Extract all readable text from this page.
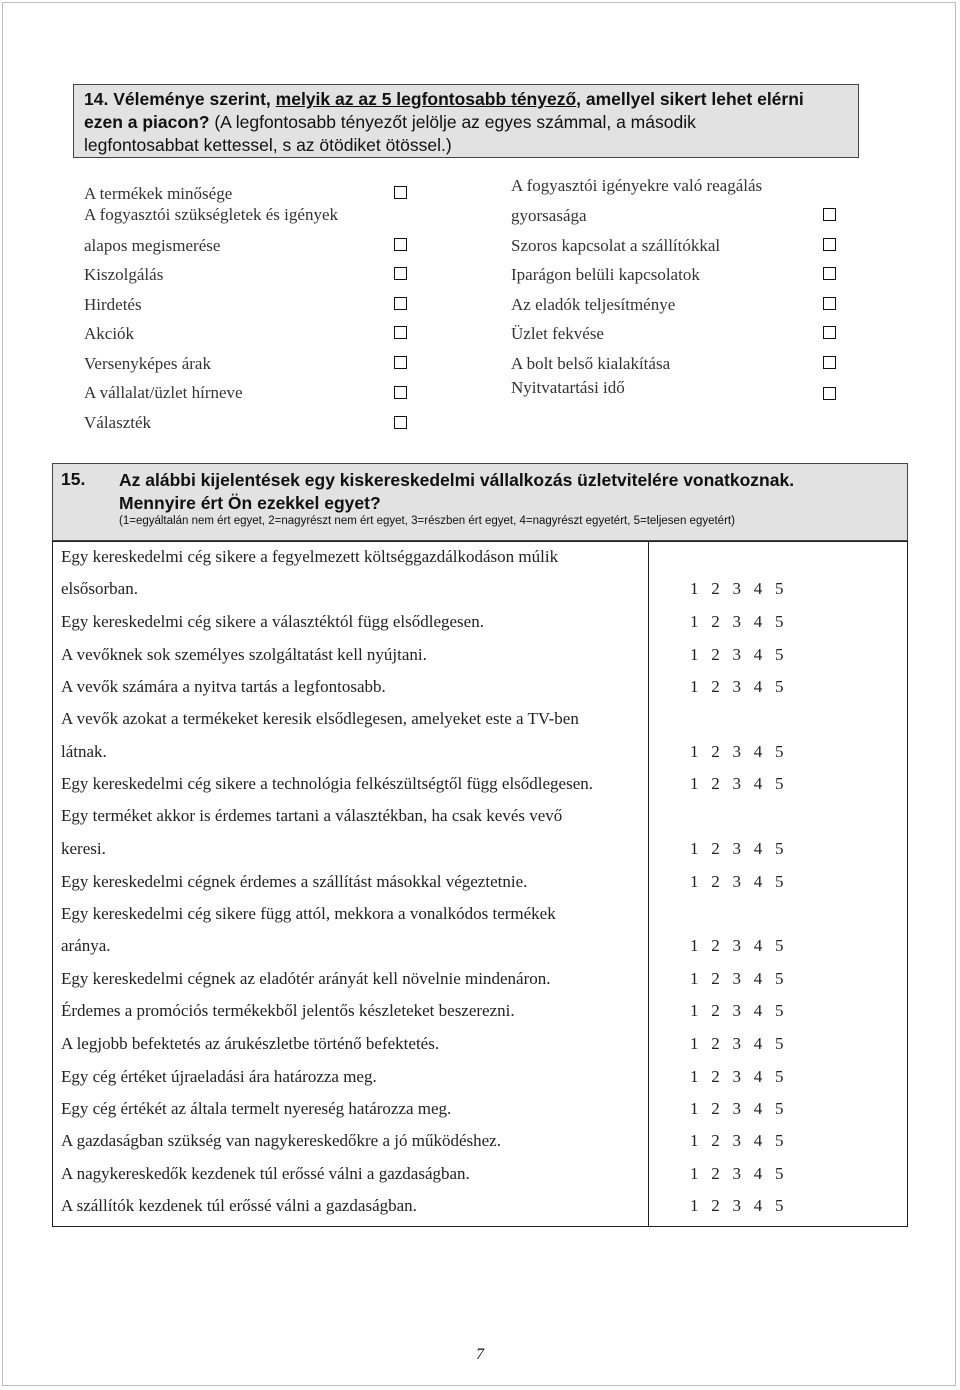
14. Véleménye szerint, melyik az az 5 legfontosabb tényező, amellyel sikert lehet elérni
ezen a piacon? (A legfontosabb tényezőt jelölje az egyes számmal, a második
legfontosabbat kettessel, s az ötödiket ötössel.)
A termékek minősége
A fogyasztói szükségletek és igények
alapos megismerése
Kiszolgálás
Hirdetés
Akciók
Versenyképes árak
A vállalat/üzlet hírneve
Választék
A fogyasztói igényekre való reagálás
gyorsasága
Szoros kapcsolat a szállítókkal
Iparágon belüli kapcsolatok
Az eladók teljesítménye
Üzlet fekvése
A bolt belső kialakítása
Nyitvatartási idő
15. Az alábbi kijelentések egy kiskereskedelmi vállalkozás üzletvitelére vonatkoznak.
Mennyire ért Ön ezekkel egyet?
(1=egyáltalán nem ért egyet, 2=nagyrészt nem ért egyet, 3=részben ért egyet, 4=nagyrészt egyetért, 5=teljesen egyetért)
Egy kereskedelmi cég sikere a fegyelmezett költséggazdálkodáson múlik
elsősorban.	1   2   3   4   5
Egy kereskedelmi cég sikere a választéktól függ elsődlegesen.	1   2   3   4   5
A vevőknek sok személyes szolgáltatást kell nyújtani.	1   2   3   4   5
A vevők számára a nyitva tartás a legfontosabb.	1   2   3   4   5
A vevők azokat a termékeket keresik elsődlegesen, amelyeket este a TV-ben
látnak.	1   2   3   4   5
Egy kereskedelmi cég sikere a technológia felkészültségtől függ elsődlegesen.	1   2   3   4   5
Egy terméket akkor is érdemes tartani a választékban, ha csak kevés vevő
keresi.	1   2   3   4   5
Egy kereskedelmi cégnek érdemes a szállítást másokkal végeztetnie.	1   2   3   4   5
Egy kereskedelmi cég sikere függ attól, mekkora a vonalkódos termékek
aránya.	1   2   3   4   5
Egy kereskedelmi cégnek az eladótér arányát kell növelnie mindenáron.	1   2   3   4   5
Érdemes a promóciós termékekből jelentős készleteket beszerezni.	1   2   3   4   5
A legjobb befektetés az árukészletbe történő befektetés.	1   2   3   4   5
Egy cég értéket újraeladási ára határozza meg.	1   2   3   4   5
Egy cég értékét az általa termelt nyereség határozza meg.	1   2   3   4   5
A gazdaságban szükség van nagykereskedőkre a jó működéshez.	1   2   3   4   5
A nagykereskedők kezdenek túl erőssé válni a gazdaságban.	1   2   3   4   5
A szállítók kezdenek túl erőssé válni a gazdaságban.	1   2   3   4   5
7
